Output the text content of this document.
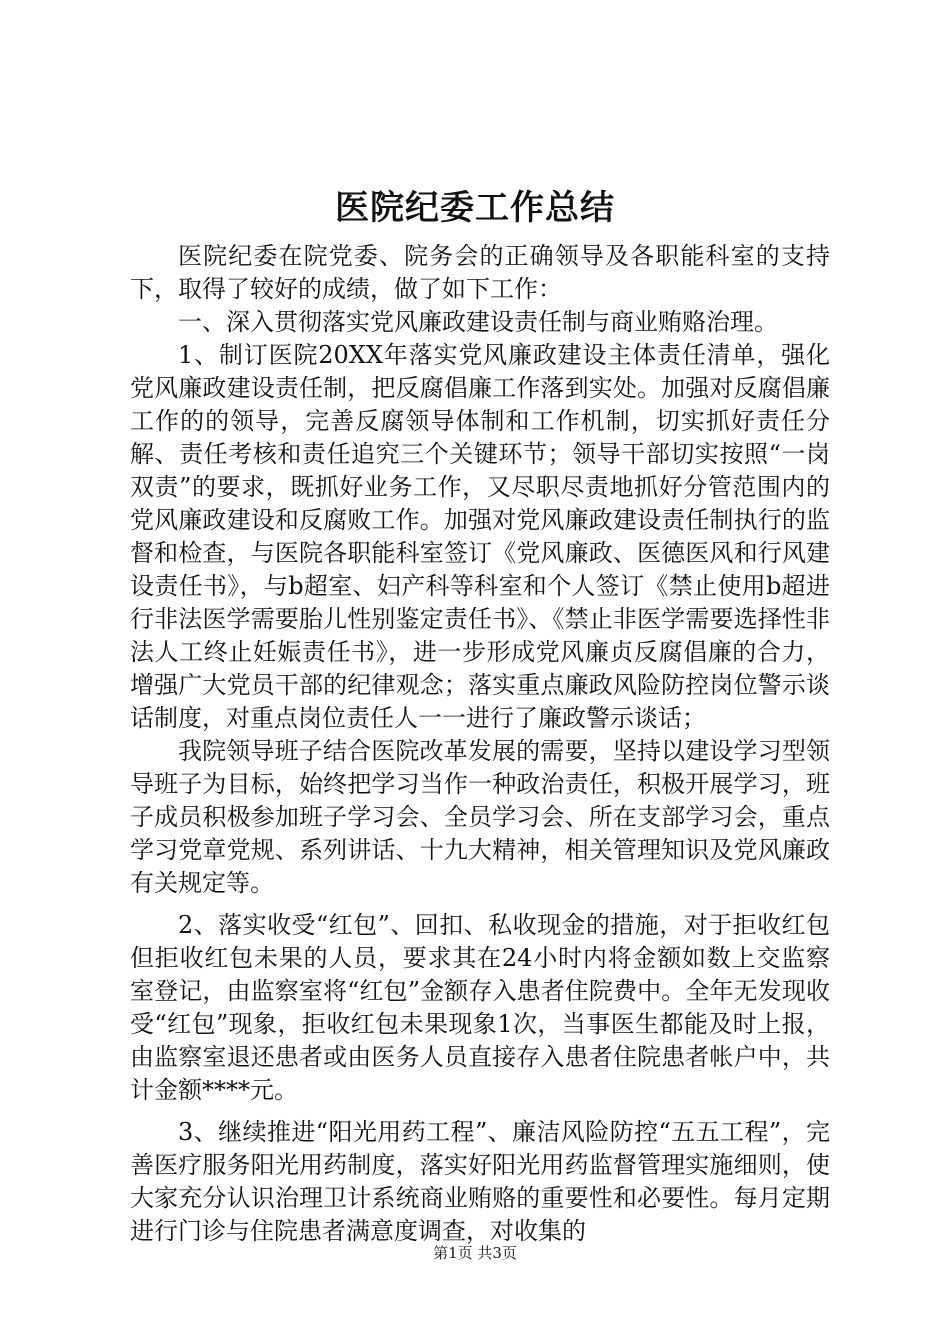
医院纪委工作总结

医院纪委在院党委、院务会的正确领导及各职能科室的支持下，取得了较好的成绩，做了如下工作：

一、深入贯彻落实党风廉政建设责任制与商业贿赂治理。

1、制订医院20XX年落实党风廉政建设主体责任清单，强化党风廉政建设责任制，把反腐倡廉工作落到实处。加强对反腐倡廉工作的的领导，完善反腐领导体制和工作机制，切实抓好责任分解、责任考核和责任追究三个关键环节；领导干部切实按照“一岗双责”的要求，既抓好业务工作，又尽职尽责地抓好分管范围内的党风廉政建设和反腐败工作。加强对党风廉政建设责任制执行的监督和检查，与医院各职能科室签订《党风廉政、医德医风和行风建设责任书》，与b超室、妇产科等科室和个人签订《禁止使用b超进行非法医学需要胎儿性别鉴定责任书》、《禁止非医学需要选择性非法人工终止妊娠责任书》，进一步形成党风廉贞反腐倡廉的合力，增强广大党员干部的纪律观念；落实重点廉政风险防控岗位警示谈话制度，对重点岗位责任人一一进行了廉政警示谈话；

我院领导班子结合医院改革发展的需要，坚持以建设学习型领导班子为目标，始终把学习当作一种政治责任，积极开展学习，班子成员积极参加班子学习会、全员学习会、所在支部学习会，重点学习党章党规、系列讲话、十九大精神，相关管理知识及党风廉政有关规定等。

2、落实收受“红包”、回扣、私收现金的措施，对于拒收红包但拒收红包未果的人员，要求其在24小时内将金额如数上交监察室登记，由监察室将“红包”金额存入患者住院费中。全年无发现收受“红包”现象，拒收红包未果现象1次，当事医生都能及时上报，由监察室退还患者或由医务人员直接存入患者住院患者帐户中，共计金额****元。

3、继续推进“阳光用药工程”、廉洁风险防控“五五工程”，完善医疗服务阳光用药制度，落实好阳光用药监督管理实施细则，使大家充分认识治理卫计系统商业贿赂的重要性和必要性。每月定期进行门诊与住院患者满意度调查，对收集的

第1页 共3页
